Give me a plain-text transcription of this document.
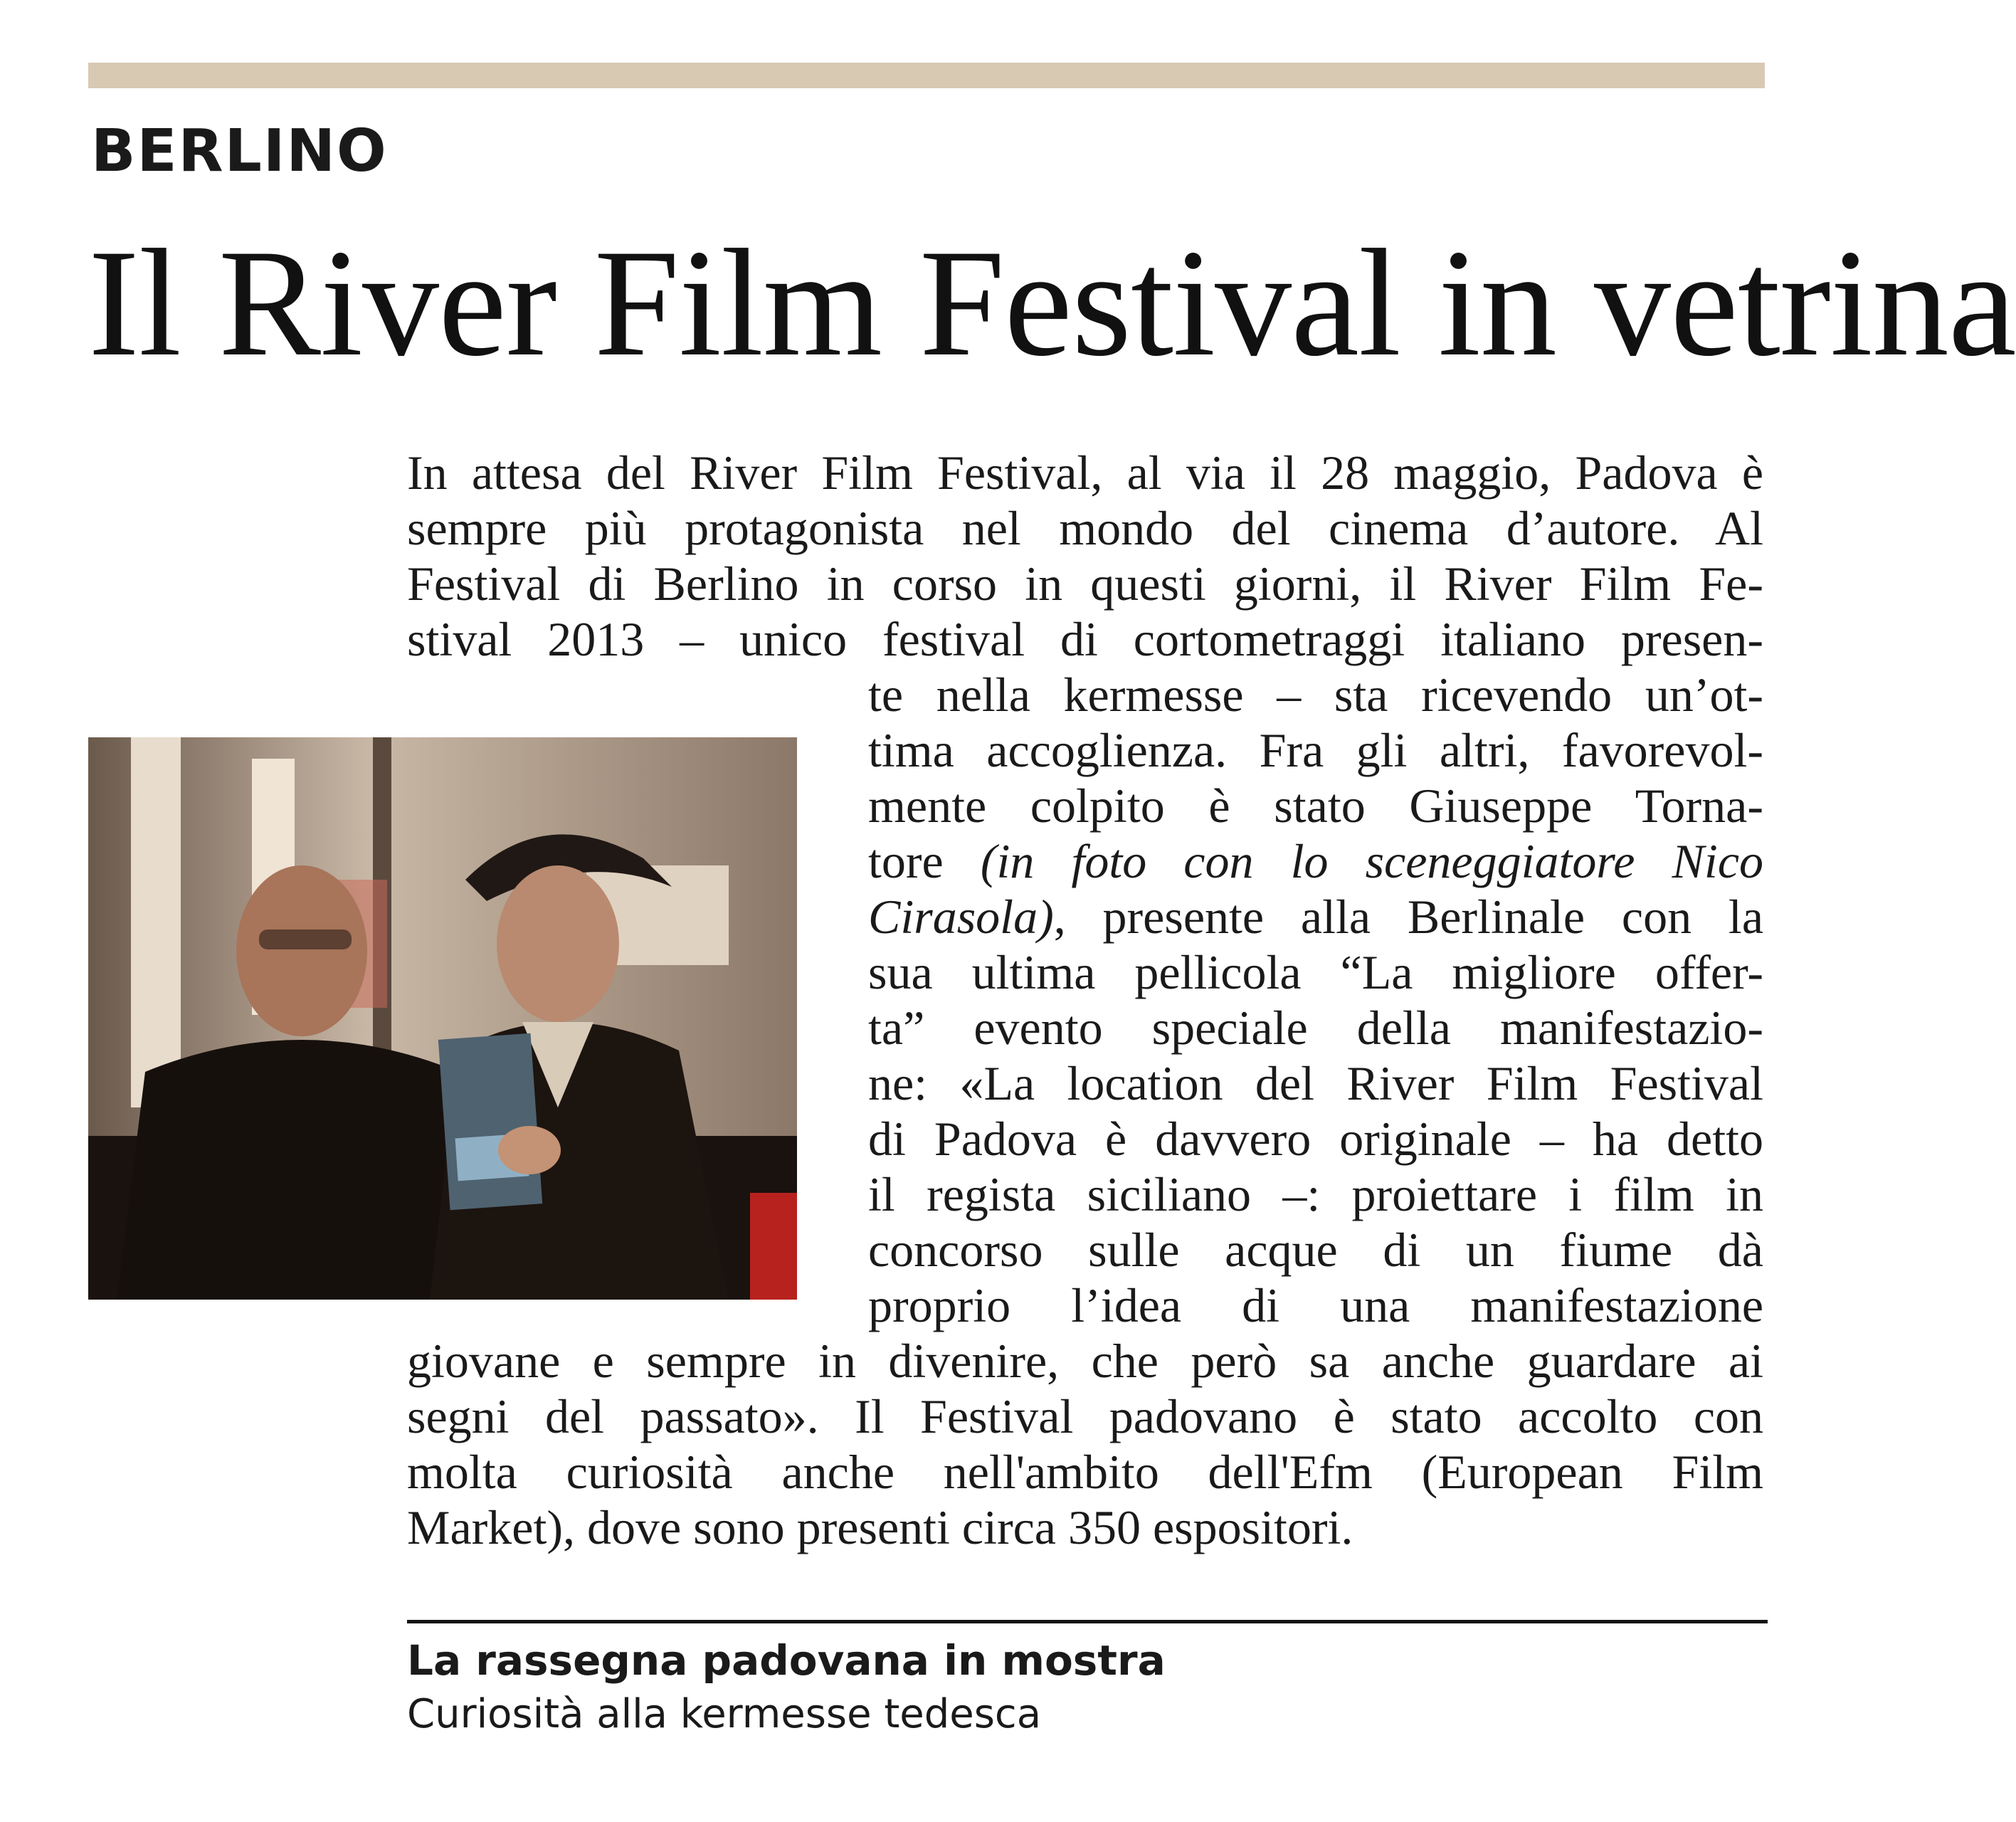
BERLINO
Il River Film Festival in vetrina
In attesa del River Film Festival, al via il 28 maggio, Padova è
sempre più protagonista nel mondo del cinema d’autore. Al
Festival di Berlino in corso in questi giorni, il River Film Fe-
stival 2013 – unico festival di cortometraggi italiano presen-
te nella kermesse – sta ricevendo un’ot-
tima accoglienza. Fra gli altri, favorevol-
mente colpito è stato Giuseppe Torna-
tore (in foto con lo sceneggiatore Nico
Cirasola), presente alla Berlinale con la
sua ultima pellicola “La migliore offer-
ta” evento speciale della manifestazio-
ne: «La location del River Film Festival
di Padova è davvero originale – ha detto
il regista siciliano –: proiettare i film in
concorso sulle acque di un fiume dà
proprio l’idea di una manifestazione
giovane e sempre in divenire, che però sa anche guardare ai
segni del passato». Il Festival padovano è stato accolto con
molta curiosità anche nell'ambito dell'Efm (European Film
Market), dove sono presenti circa 350 espositori.
La rassegna padovana in mostra
Curiosità alla kermesse tedesca
